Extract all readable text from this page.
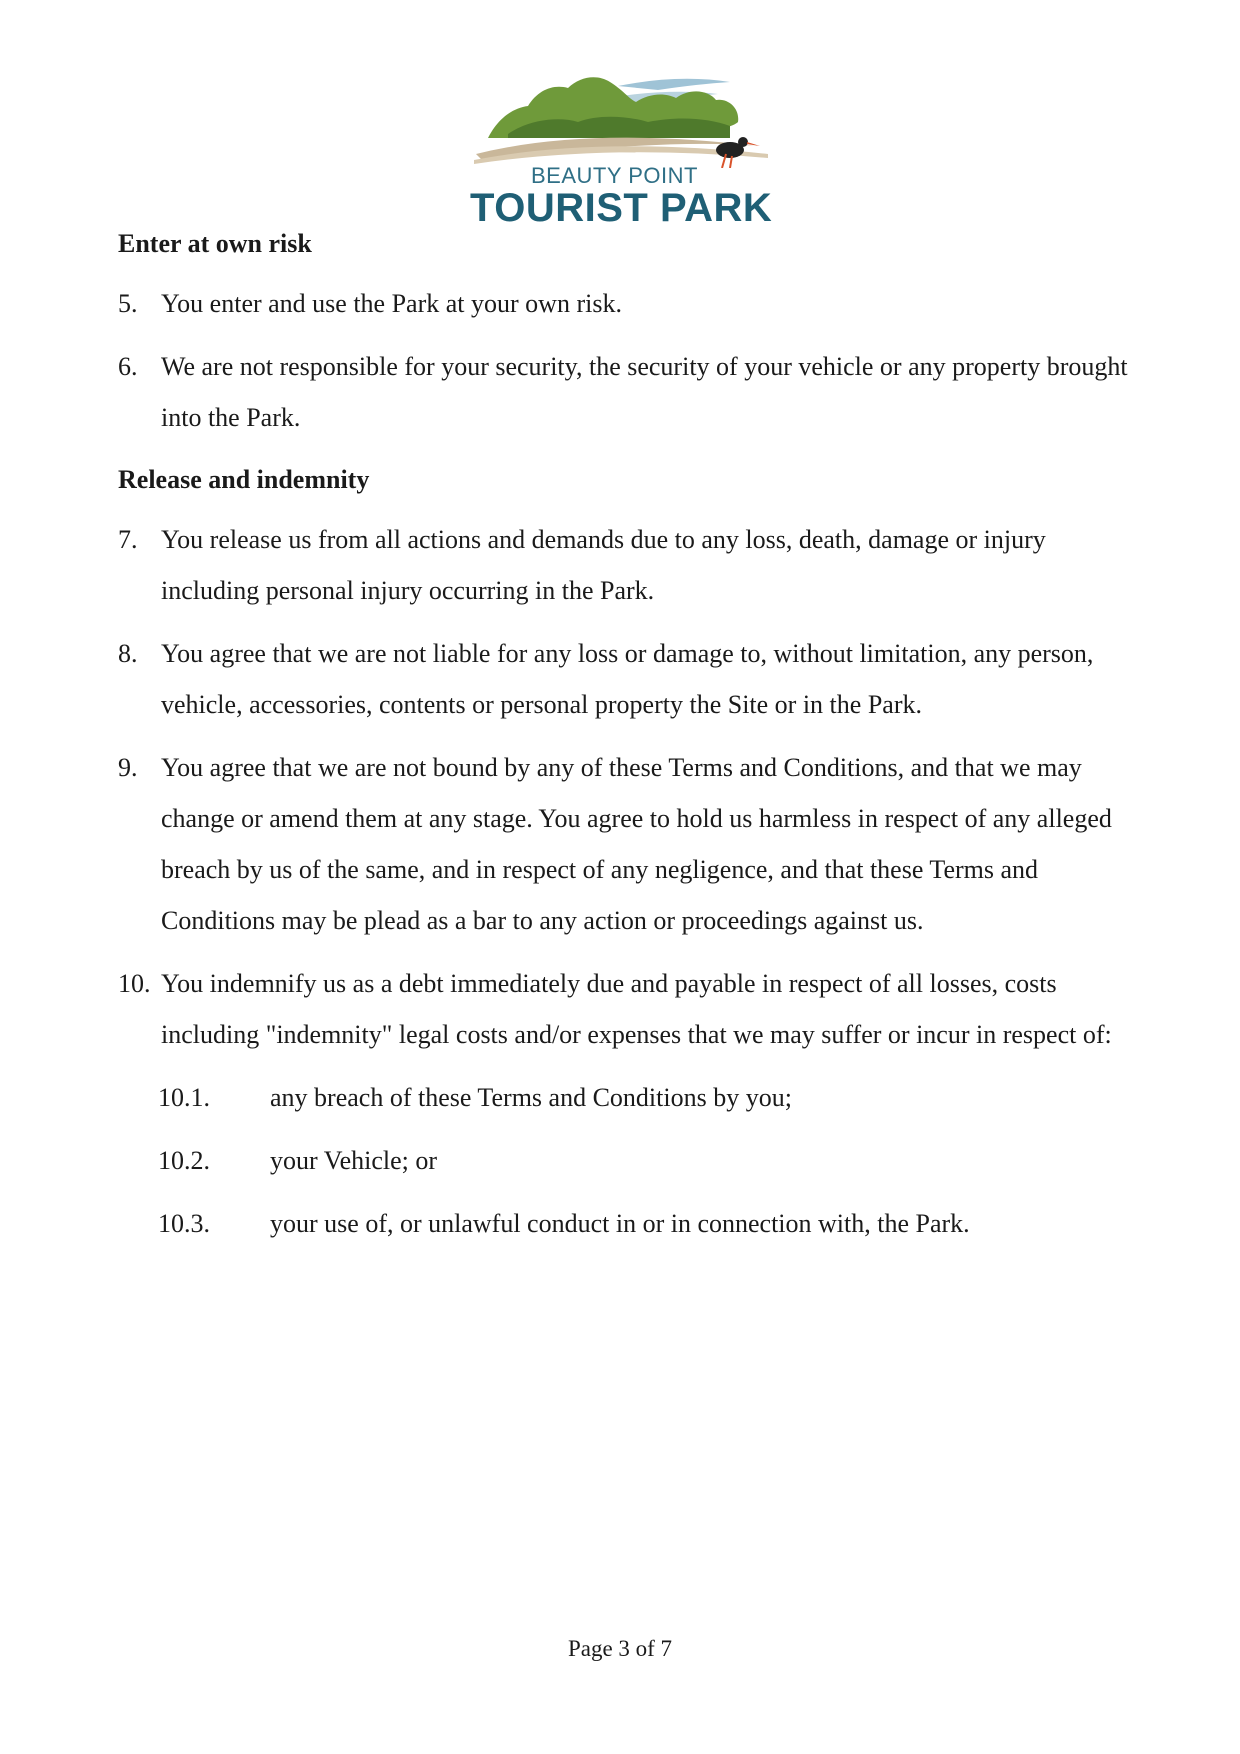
BEAUTY POINT
TOURIST PARK

Enter at own risk

5. You enter and use the Park at your own risk.
6. We are not responsible for your security, the security of your vehicle or any property brought into the Park.

Release and indemnity

7. You release us from all actions and demands due to any loss, death, damage or injury including personal injury occurring in the Park.
8. You agree that we are not liable for any loss or damage to, without limitation, any person, vehicle, accessories, contents or personal property the Site or in the Park.
9. You agree that we are not bound by any of these Terms and Conditions, and that we may change or amend them at any stage. You agree to hold us harmless in respect of any alleged breach by us of the same, and in respect of any negligence, and that these Terms and Conditions may be plead as a bar to any action or proceedings against us.
10. You indemnify us as a debt immediately due and payable in respect of all losses, costs including "indemnity" legal costs and/or expenses that we may suffer or incur in respect of:
10.1. any breach of these Terms and Conditions by you;
10.2. your Vehicle; or
10.3. your use of, or unlawful conduct in or in connection with, the Park.
Page 3 of 7
